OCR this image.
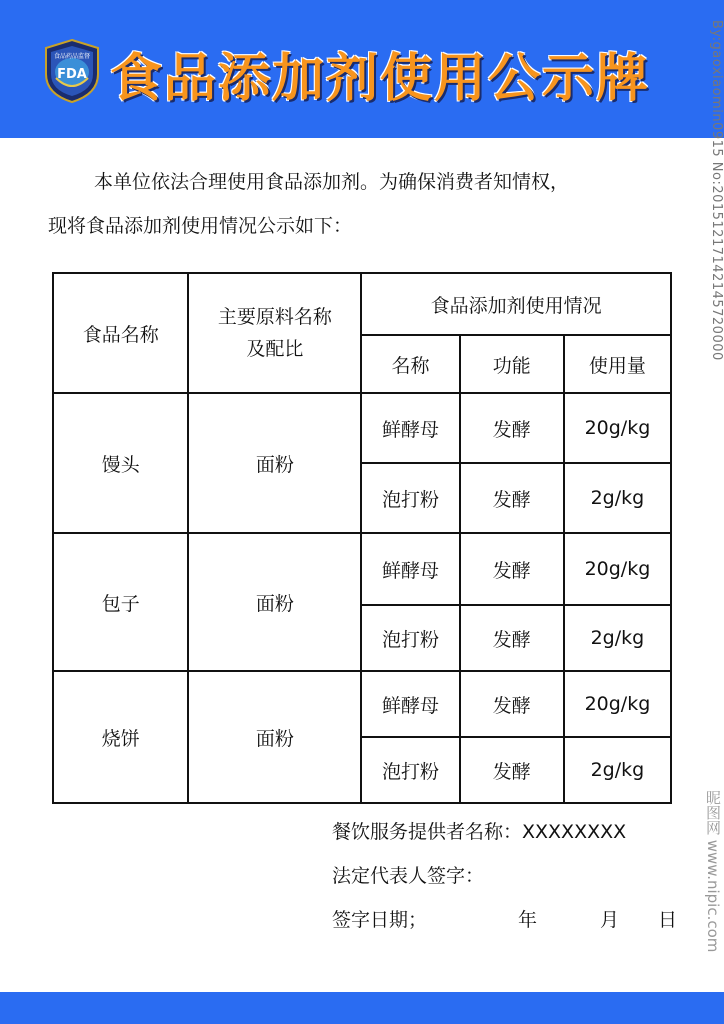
FDA
食品药品监督 食品添加剂使用公示牌	By:gaoxiaomin0915 No:20151217142145720000

本单位依法合理使用食品添加剂。为确保消费者知情权，

现将食品添加剂使用情况公示如下：

食品名称	主要原料名称及配比	食品添加剂使用情况		
		名称	功能	使用量
馒头	面粉	鲜酵母	发酵	20g/kg
		泡打粉	发酵	2g/kg
包子	面粉	鲜酵母	发酵	20g/kg
		泡打粉	发酵	2g/kg
烧饼	面粉	鲜酵母	发酵	20g/kg
		泡打粉	发酵	2g/kg
餐饮服务提供者名称：XXXXXXXX
法定代表人签字：
签字日期；	年	月 日 昵图网 www.nipic.com
